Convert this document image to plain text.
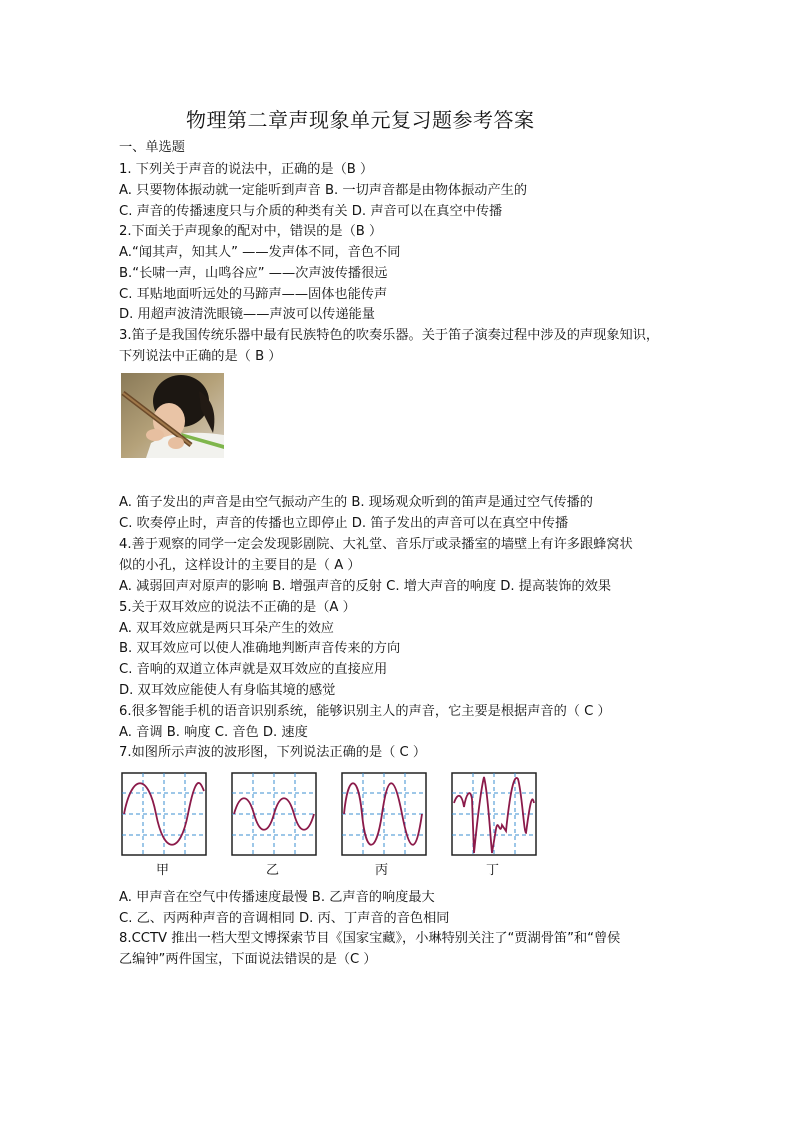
物理第二章声现象单元复习题参考答案
一、单选题
1. 下列关于声音的说法中，正确的是（B ）
A. 只要物体振动就一定能听到声音 B. 一切声音都是由物体振动产生的
C. 声音的传播速度只与介质的种类有关 D. 声音可以在真空中传播
2.下面关于声现象的配对中，错误的是（B ）
A.“闻其声，知其人” ——发声体不同，音色不同
B.“长啸一声，山鸣谷应” ——次声波传播很远
C. 耳贴地面听远处的马蹄声——固体也能传声
D. 用超声波清洗眼镜——声波可以传递能量
3.笛子是我国传统乐器中最有民族特色的吹奏乐器。关于笛子演奏过程中涉及的声现象知识，
下列说法中正确的是（ B ）
A. 笛子发出的声音是由空气振动产生的 B. 现场观众听到的笛声是通过空气传播的
C. 吹奏停止时，声音的传播也立即停止 D. 笛子发出的声音可以在真空中传播
4.善于观察的同学一定会发现影剧院、大礼堂、音乐厅或录播室的墙壁上有许多跟蜂窝状
似的小孔，这样设计的主要目的是（ A ）
A. 减弱回声对原声的影响 B. 增强声音的反射 C. 增大声音的响度 D. 提高装饰的效果
5.关于双耳效应的说法不正确的是（A ）
A. 双耳效应就是两只耳朵产生的效应
B. 双耳效应可以使人准确地判断声音传来的方向
C. 音响的双道立体声就是双耳效应的直接应用
D. 双耳效应能使人有身临其境的感觉
6.很多智能手机的语音识别系统，能够识别主人的声音，它主要是根据声音的（ C ）
A. 音调 B. 响度 C. 音色 D. 速度
7.如图所示声波的波形图，下列说法正确的是（ C ）
甲	乙	丙	丁
A. 甲声音在空气中传播速度最慢 B. 乙声音的响度最大
C. 乙、丙两种声音的音调相同 D. 丙、丁声音的音色相同
8.CCTV 推出一档大型文博探索节目《国家宝藏》，小琳特别关注了“贾湖骨笛”和“曾侯
乙编钟”两件国宝，下面说法错误的是（C ）
